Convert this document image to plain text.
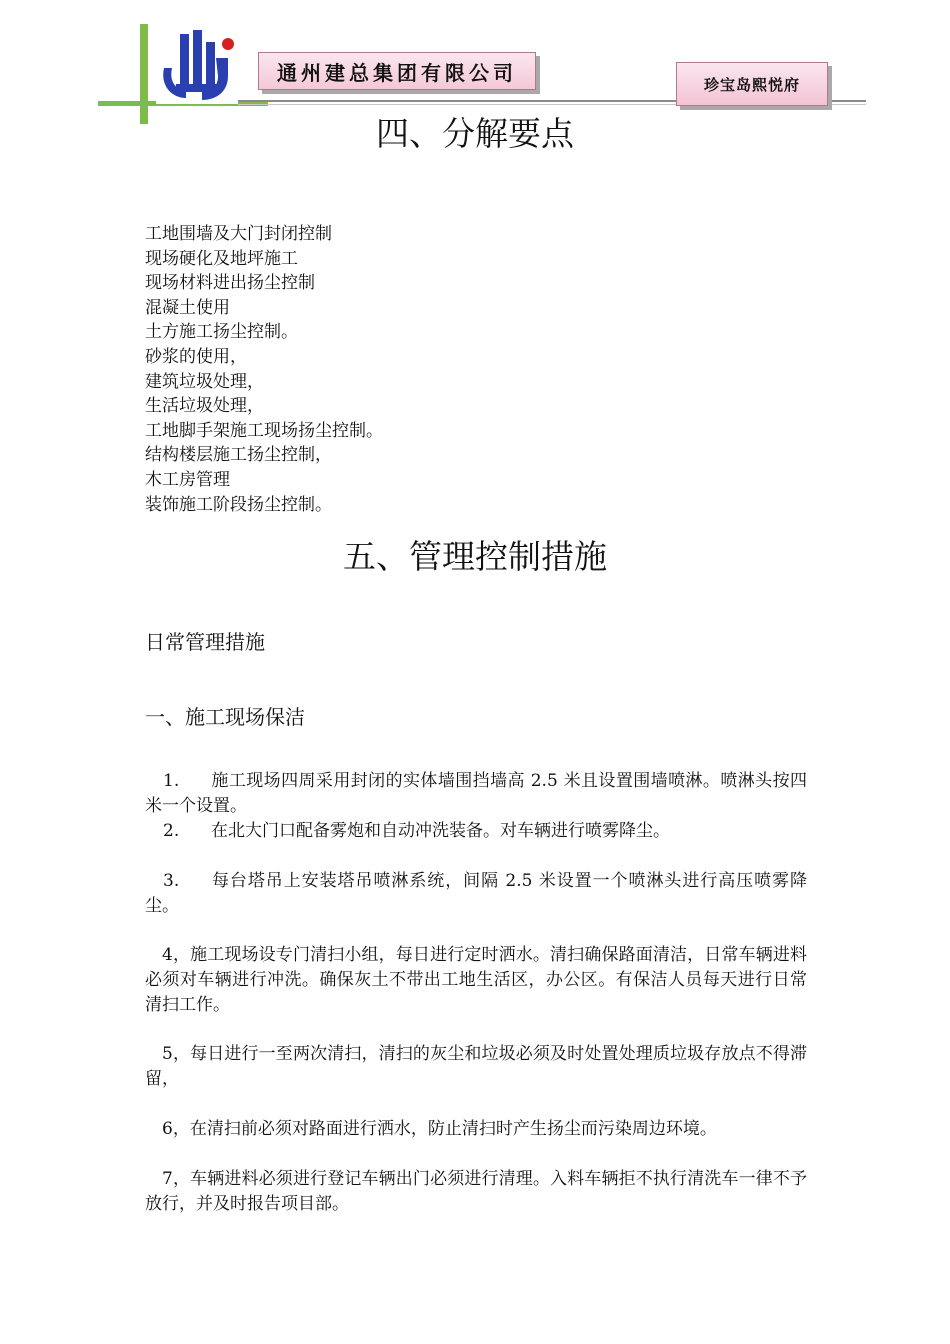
通州建总集团有限公司	珍宝岛熙悦府
四、分解要点
工地围墙及大门封闭控制
现场硬化及地坪施工
现场材料进出扬尘控制
混凝土使用
土方施工扬尘控制。
砂浆的使用，
建筑垃圾处理，
生活垃圾处理，
工地脚手架施工现场扬尘控制。
结构楼层施工扬尘控制，
木工房管理
装饰施工阶段扬尘控制。
五、管理控制措施
日常管理措施
一、施工现场保洁

1. 施工现场四周采用封闭的实体墙围挡墙高 2.5 米且设置围墙喷淋。喷淋头按四米一个设置。

2. 在北大门口配备雾炮和自动冲洗装备。对车辆进行喷雾降尘。

3. 每台塔吊上安装塔吊喷淋系统，间隔 2.5 米设置一个喷淋头进行高压喷雾降尘。

4，施工现场设专门清扫小组，每日进行定时洒水。清扫确保路面清洁，日常车辆进料必须对车辆进行冲洗。确保灰土不带出工地生活区，办公区。有保洁人员每天进行日常清扫工作。

5，每日进行一至两次清扫，清扫的灰尘和垃圾必须及时处置处理质垃圾存放点不得滞留，

6，在清扫前必须对路面进行洒水，防止清扫时产生扬尘而污染周边环境。

7，车辆进料必须进行登记车辆出门必须进行清理。入料车辆拒不执行清洗车一律不予放行，并及时报告项目部。
